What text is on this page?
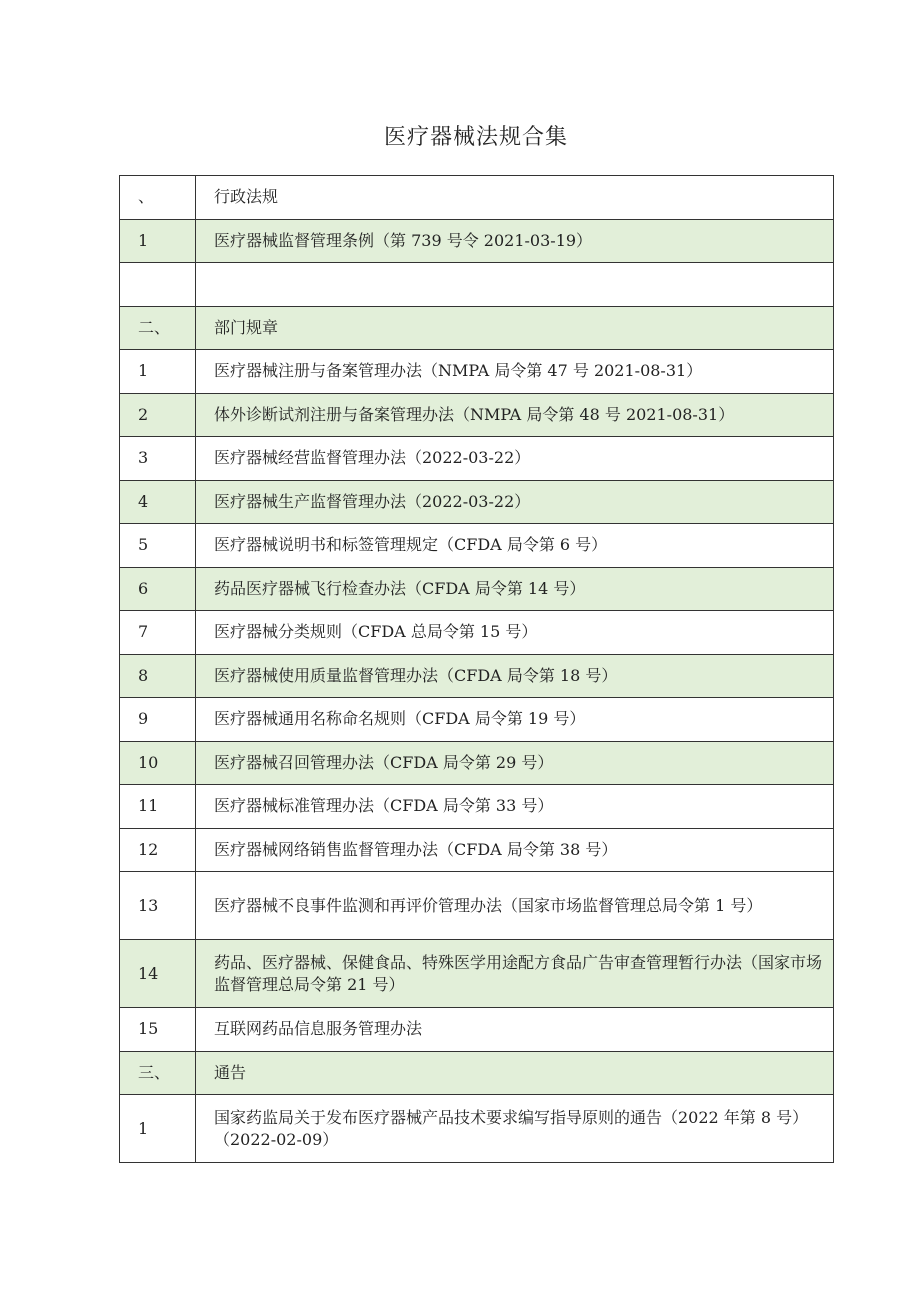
医疗器械法规合集
、	行政法规
1	医疗器械监督管理条例（第 739 号令 2021-03-19）

二、	部门规章
1	医疗器械注册与备案管理办法（NMPA 局令第 47 号 2021-08-31）
2	体外诊断试剂注册与备案管理办法（NMPA 局令第 48 号 2021-08-31）
3	医疗器械经营监督管理办法（2022-03-22）
4	医疗器械生产监督管理办法（2022-03-22）
5	医疗器械说明书和标签管理规定（CFDA 局令第 6 号）
6	药品医疗器械飞行检查办法（CFDA 局令第 14 号）
7	医疗器械分类规则（CFDA 总局令第 15 号）
8	医疗器械使用质量监督管理办法（CFDA 局令第 18 号）
9	医疗器械通用名称命名规则（CFDA 局令第 19 号）
10	医疗器械召回管理办法（CFDA 局令第 29 号）
11	医疗器械标准管理办法（CFDA 局令第 33 号）
12	医疗器械网络销售监督管理办法（CFDA 局令第 38 号）
13	医疗器械不良事件监测和再评价管理办法（国家市场监督管理总局令第 1 号）
14	药品、医疗器械、保健食品、特殊医学用途配方食品广告审查管理暂行办法（国家市场监督管理总局令第 21 号）
15	互联网药品信息服务管理办法
三、	通告
1	国家药监局关于发布医疗器械产品技术要求编写指导原则的通告（2022 年第 8 号）（2022-02-09）
